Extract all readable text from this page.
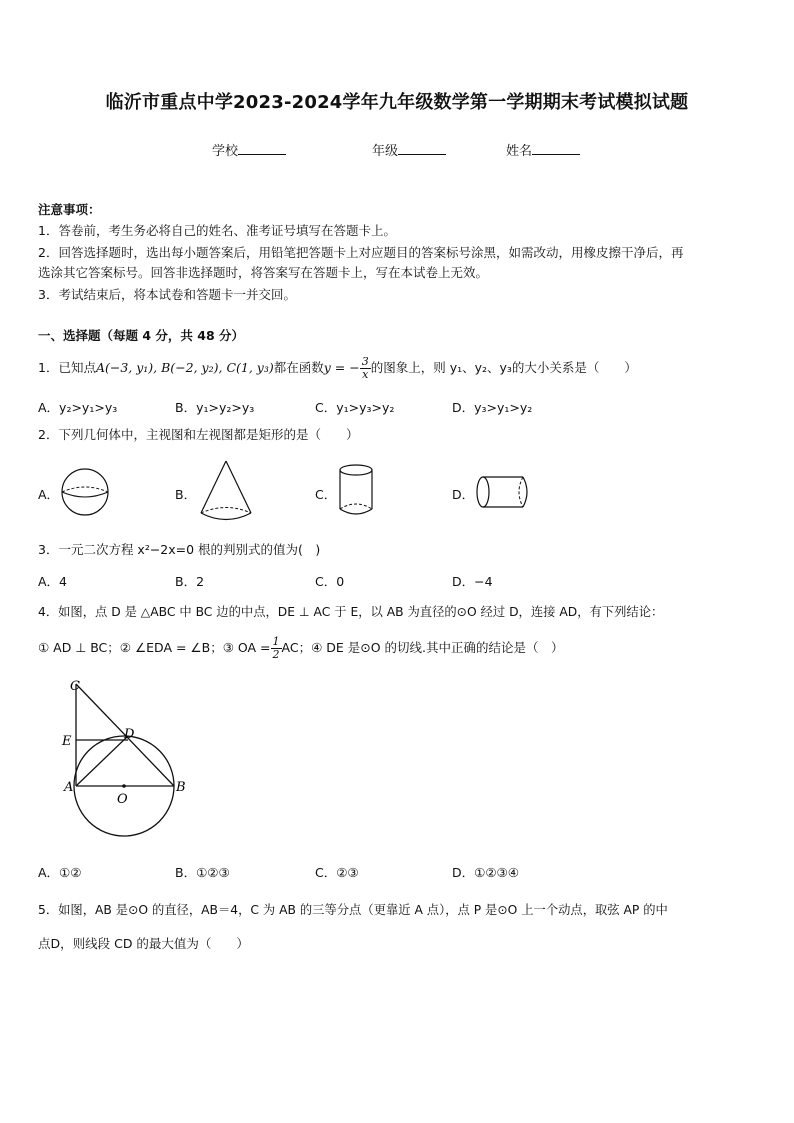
临沂市重点中学2023-2024学年九年级数学第一学期期末考试模拟试题
学校	年级	姓名
注意事项：
1．答卷前，考生务必将自己的姓名、准考证号填写在答题卡上。
2．回答选择题时，选出每小题答案后，用铅笔把答题卡上对应题目的答案标号涂黑，如需改动，用橡皮擦干净后，再
选涂其它答案标号。回答非选择题时，将答案写在答题卡上，写在本试卷上无效。
3．考试结束后，将本试卷和答题卡一并交回。
一、选择题（每题 4 分，共 48 分）
1．已知点A(−3, y₁), B(−2, y₂), C(1, y₃)都在函数y = − $\frac{3}{x}$ 的图象上，则 y₁、y₂、y₃的大小关系是（　　）
A．y₂>y₁>y₃	B．y₁>y₂>y₃	C．y₁>y₃>y₂	D．y₃>y₁>y₂
2．下列几何体中，主视图和左视图都是矩形的是（　　）
A．	B．	C．	D．
3．一元二次方程 x²−2x=0 根的判别式的值为(　)
A．4	B．2	C．0	D．−4
4．如图，点 D 是 △ABC 中 BC 边的中点，DE ⊥ AC 于 E，以 AB 为直径的⊙O 经过 D，连接 AD，有下列结论：
① AD ⊥ BC；② ∠EDA = ∠B；③ OA = $\frac{1}{2}$ AC；④ DE 是⊙O 的切线.其中正确的结论是（　）
C
E	D
A
O
B
A．①②	B．①②③	C．②③	D．①②③④
5．如图，AB 是⊙O 的直径，AB＝4，C 为 AB 的三等分点（更靠近 A 点），点 P 是⊙O 上一个动点，取弦 AP 的中
点D，则线段 CD 的最大值为（　　）
